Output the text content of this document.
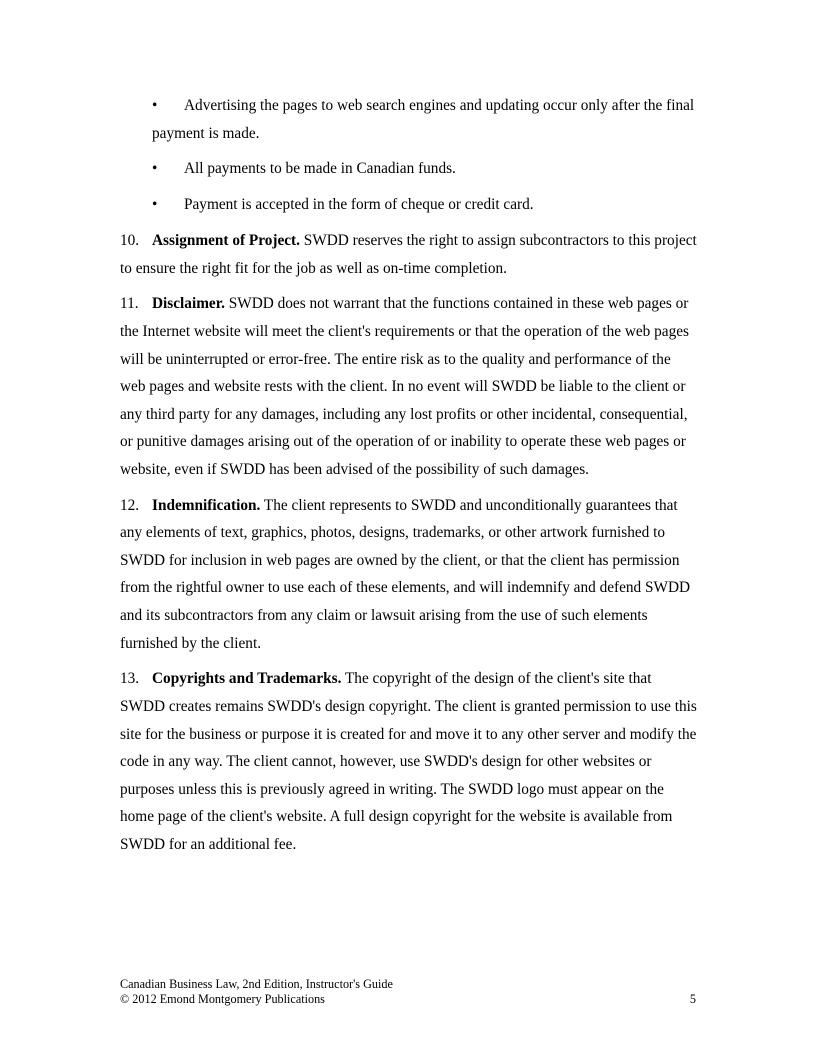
•	Advertising the pages to web search engines and updating occur only after the final payment is made.
•	All payments to be made in Canadian funds.
•	Payment is accepted in the form of cheque or credit card.
10. Assignment of Project. SWDD reserves the right to assign subcontractors to this project to ensure the right fit for the job as well as on-time completion.
11. Disclaimer. SWDD does not warrant that the functions contained in these web pages or the Internet website will meet the client's requirements or that the operation of the web pages will be uninterrupted or error-free. The entire risk as to the quality and performance of the web pages and website rests with the client. In no event will SWDD be liable to the client or any third party for any damages, including any lost profits or other incidental, consequential, or punitive damages arising out of the operation of or inability to operate these web pages or website, even if SWDD has been advised of the possibility of such damages.
12. Indemnification. The client represents to SWDD and unconditionally guarantees that any elements of text, graphics, photos, designs, trademarks, or other artwork furnished to SWDD for inclusion in web pages are owned by the client, or that the client has permission from the rightful owner to use each of these elements, and will indemnify and defend SWDD and its subcontractors from any claim or lawsuit arising from the use of such elements furnished by the client.
13. Copyrights and Trademarks. The copyright of the design of the client's site that SWDD creates remains SWDD's design copyright. The client is granted permission to use this site for the business or purpose it is created for and move it to any other server and modify the code in any way. The client cannot, however, use SWDD's design for other websites or purposes unless this is previously agreed in writing. The SWDD logo must appear on the home page of the client's website. A full design copyright for the website is available from SWDD for an additional fee.
Canadian Business Law, 2nd Edition, Instructor's Guide
© 2012 Emond Montgomery Publications	5
